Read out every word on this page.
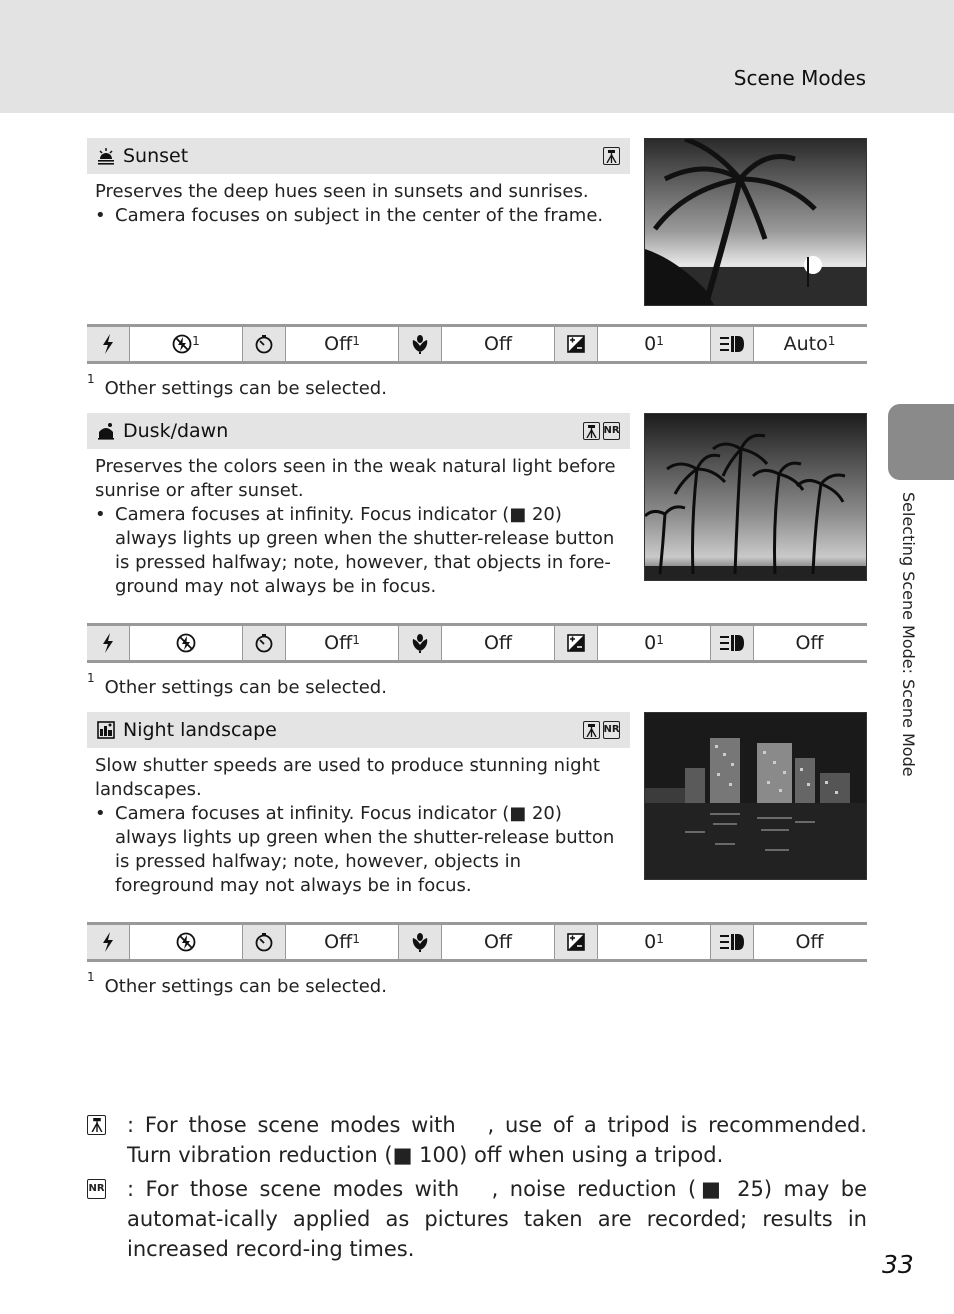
Scene Modes
Selecting Scene Mode: Scene Mode
Sunset
Preserves the deep hues seen in sunsets and sunrises.
• Camera focuses on subject in the center of the frame.
$^1$	Off$^1$	Off	$0^1$	Auto$^1$
$^1$ Other settings can be selected.
Dusk/dawn	NR
Preserves the colors seen in the weak natural light before sunrise or after sunset.
• Camera focuses at infinity. Focus indicator (■ 20) always lights up green when the shutter-release button is pressed halfway; note, however, that objects in fore-ground may not always be in focus.
Off$^1$	Off	$0^1$	Off
$^1$ Other settings can be selected.
Night landscape	NR
Slow shutter speeds are used to produce stunning night landscapes.
• Camera focuses at infinity. Focus indicator (■ 20) always lights up green when the shutter-release button is pressed halfway; note, however, objects in foreground may not always be in focus.
Off$^1$	Off	$0^1$	Off
$^1$ Other settings can be selected.
: For those scene modes with   , use of a tripod is recommended. Turn vibration reduction (■ 100) off when using a tripod.
NR : For those scene modes with   , noise reduction (■ 25) may be automat-ically applied as pictures taken are recorded; results in increased record-ing times.
33
